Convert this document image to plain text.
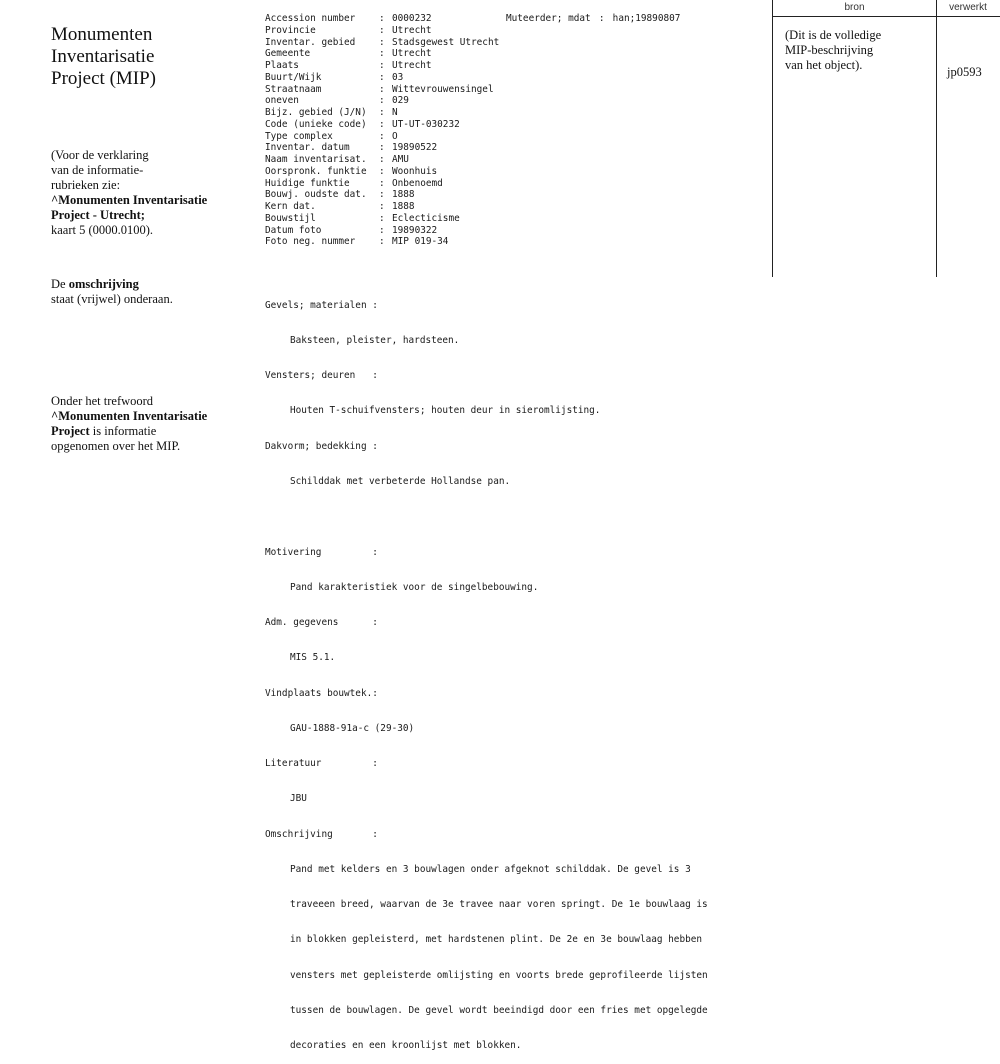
Monumenten
Inventarisatie
Project (MIP)
(Voor de verklaring
van de informatie-
rubrieken zie:
^Monumenten Inventarisatie
Project - Utrecht;
kaart 5 (0000.0100).
De omschrijving
staat (vrijwel) onderaan.
Onder het trefwoord
^Monumenten Inventarisatie
Project is informatie
opgenomen over het MIP.
Accession number	: 0000232
Provincie	: Utrecht
Inventar. gebied	: Stadsgewest Utrecht
Gemeente	: Utrecht
Plaats	: Utrecht
Buurt/Wijk	: 03
Straatnaam	: Wittevrouwensingel
oneven	: 029
Bijz. gebied (J/N)	: N
Code (unieke code)	: UT-UT-030232
Type complex	: O
Inventar. datum	: 19890522
Naam inventarisat.	: AMU
Oorspronk. funktie	: Woonhuis
Huidige funktie	: Onbenoemd
Bouwj. oudste dat.	: 1888
Kern dat.	: 1888
Bouwstijl	: Eclecticisme
Datum foto	: 19890322
Foto neg. nummer	: MIP 019-34
Muteerder; mdat : han;19890807

Gevels; materialen :

Baksteen, pleister, hardsteen.

Vensters; deuren   :

Houten T-schuifvensters; houten deur in sieromlijsting.

Dakvorm; bedekking :

Schilddak met verbeterde Hollandse pan.

Motivering         :

Pand karakteristiek voor de singelbebouwing.

Adm. gegevens      :

MIS 5.1.

Vindplaats bouwtek.:

GAU-1888-91a-c (29-30)

Literatuur         :

JBU

Omschrijving       :

Pand met kelders en 3 bouwlagen onder afgeknot schilddak. De gevel is 3

traveeen breed, waarvan de 3e travee naar voren springt. De 1e bouwlaag is

in blokken gepleisterd, met hardstenen plint. De 2e en 3e bouwlaag hebben

vensters met gepleisterde omlijsting en voorts brede geprofileerde lijsten

tussen de bouwlagen. De gevel wordt beeindigd door een fries met opgelegde

decoraties en een kroonlijst met blokken.

bron	verwerkt
(Dit is de volledige
MIP-beschrijving
van het object).	jp0593
